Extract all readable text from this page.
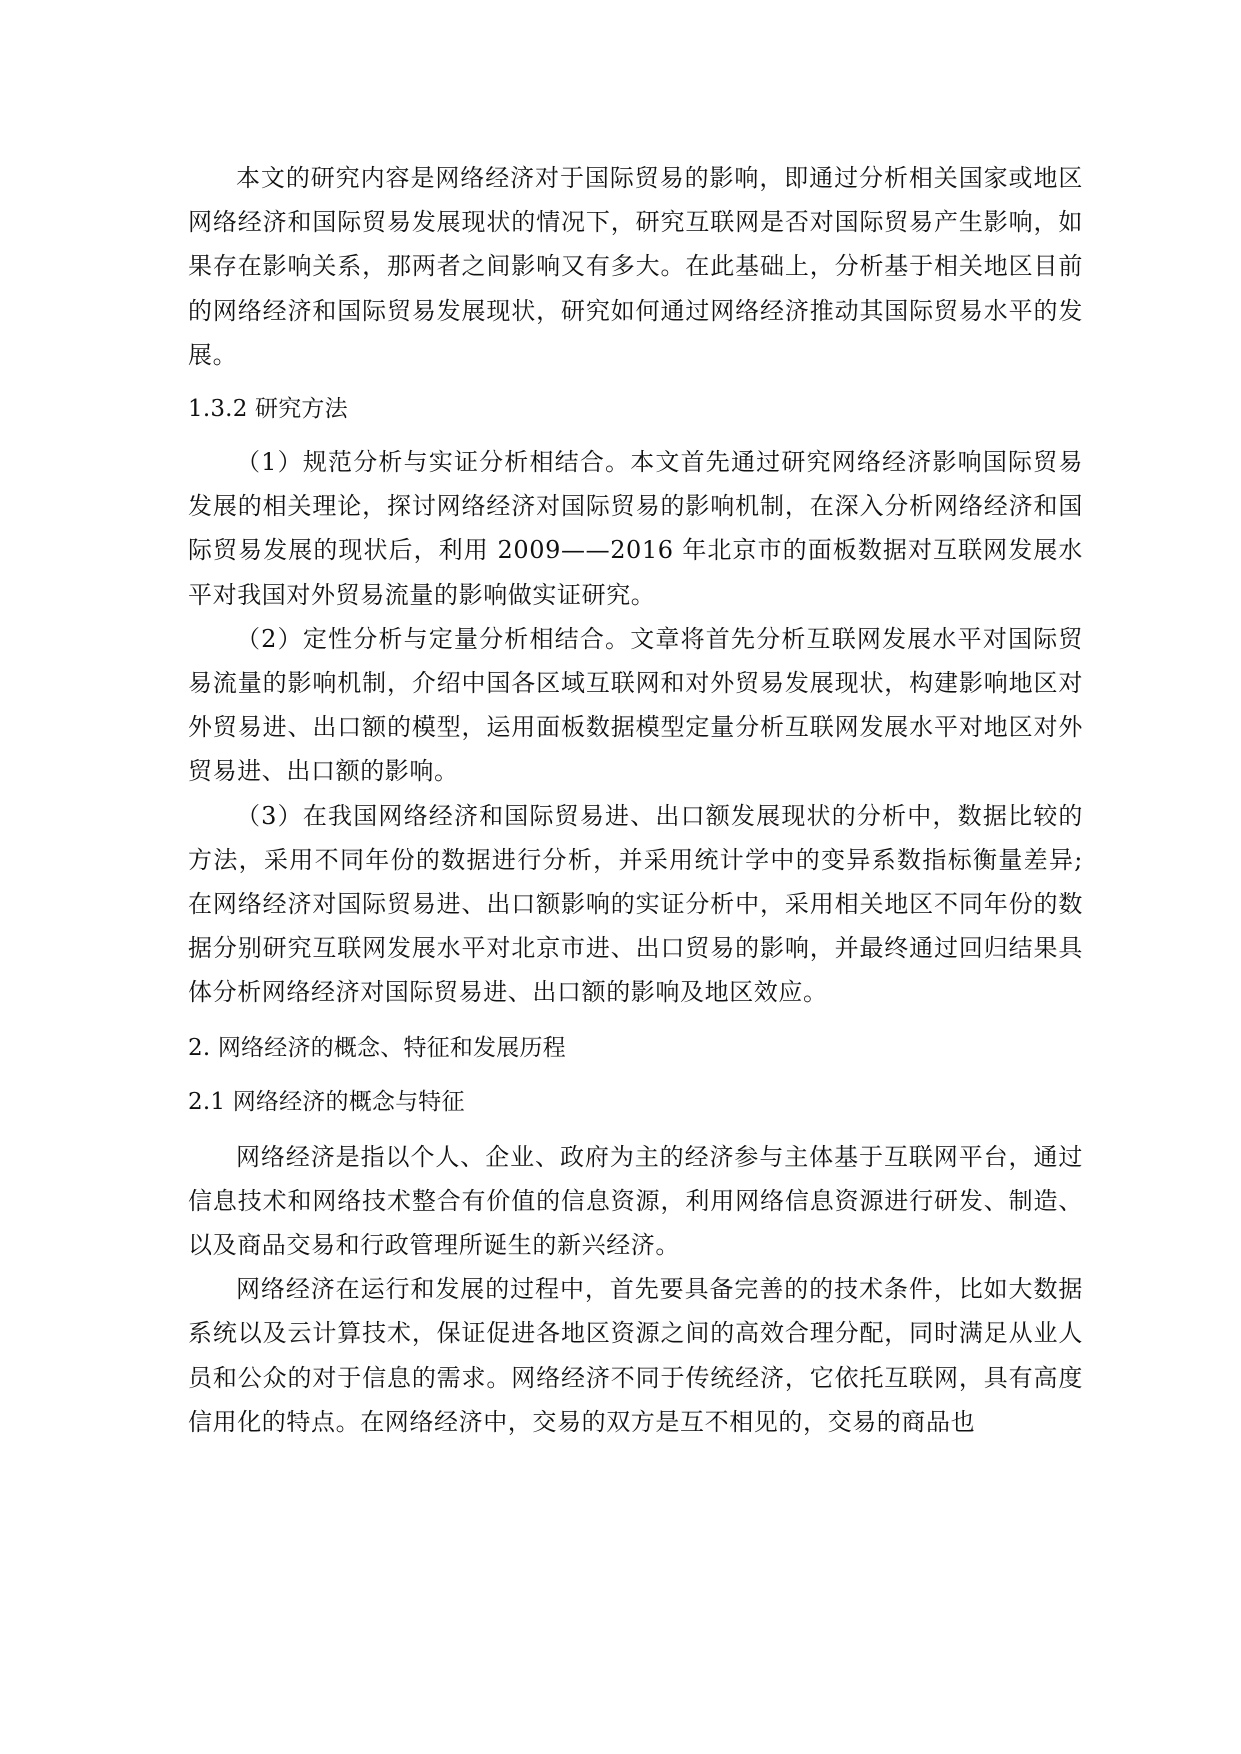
本文的研究内容是网络经济对于国际贸易的影响，即通过分析相关国家或地区网络经济和国际贸易发展现状的情况下，研究互联网是否对国际贸易产生影响，如果存在影响关系，那两者之间影响又有多大。在此基础上，分析基于相关地区目前的网络经济和国际贸易发展现状，研究如何通过网络经济推动其国际贸易水平的发展。

1.3.2 研究方法

（1）规范分析与实证分析相结合。本文首先通过研究网络经济影响国际贸易发展的相关理论，探讨网络经济对国际贸易的影响机制，在深入分析网络经济和国际贸易发展的现状后，利用 2009——2016 年北京市的面板数据对互联网发展水平对我国对外贸易流量的影响做实证研究。

（2）定性分析与定量分析相结合。文章将首先分析互联网发展水平对国际贸易流量的影响机制，介绍中国各区域互联网和对外贸易发展现状，构建影响地区对外贸易进、出口额的模型，运用面板数据模型定量分析互联网发展水平对地区对外贸易进、出口额的影响。

（3）在我国网络经济和国际贸易进、出口额发展现状的分析中，数据比较的方法，采用不同年份的数据进行分析，并采用统计学中的变异系数指标衡量差异; 在网络经济对国际贸易进、出口额影响的实证分析中，采用相关地区不同年份的数据分别研究互联网发展水平对北京市进、出口贸易的影响，并最终通过回归结果具体分析网络经济对国际贸易进、出口额的影响及地区效应。

2. 网络经济的概念、特征和发展历程

2.1 网络经济的概念与特征

网络经济是指以个人、企业、政府为主的经济参与主体基于互联网平台，通过信息技术和网络技术整合有价值的信息资源，利用网络信息资源进行研发、制造、以及商品交易和行政管理所诞生的新兴经济。

网络经济在运行和发展的过程中，首先要具备完善的的技术条件，比如大数据系统以及云计算技术，保证促进各地区资源之间的高效合理分配，同时满足从业人员和公众的对于信息的需求。网络经济不同于传统经济，它依托互联网，具有高度信用化的特点。在网络经济中，交易的双方是互不相见的，交易的商品也
